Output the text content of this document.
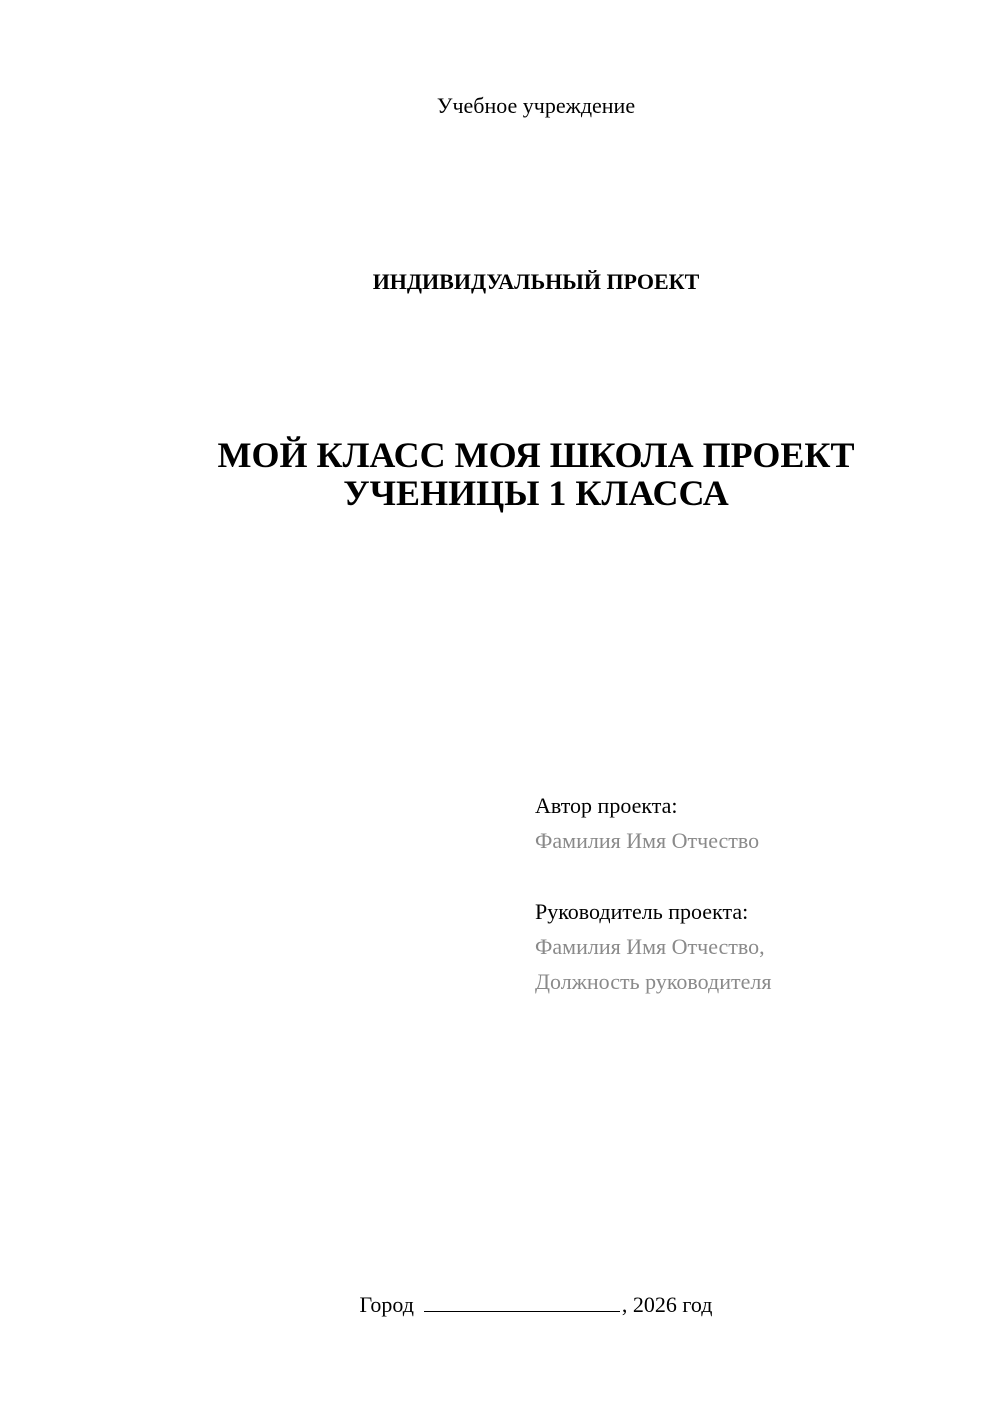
Учебное учреждение
ИНДИВИДУАЛЬНЫЙ ПРОЕКТ
МОЙ КЛАСС МОЯ ШКОЛА ПРОЕКТ
УЧЕНИЦЫ 1 КЛАССА
Автор проекта:
Фамилия Имя Отчество
Руководитель проекта:
Фамилия Имя Отчество,
Должность руководителя
Город	, 2026 год
